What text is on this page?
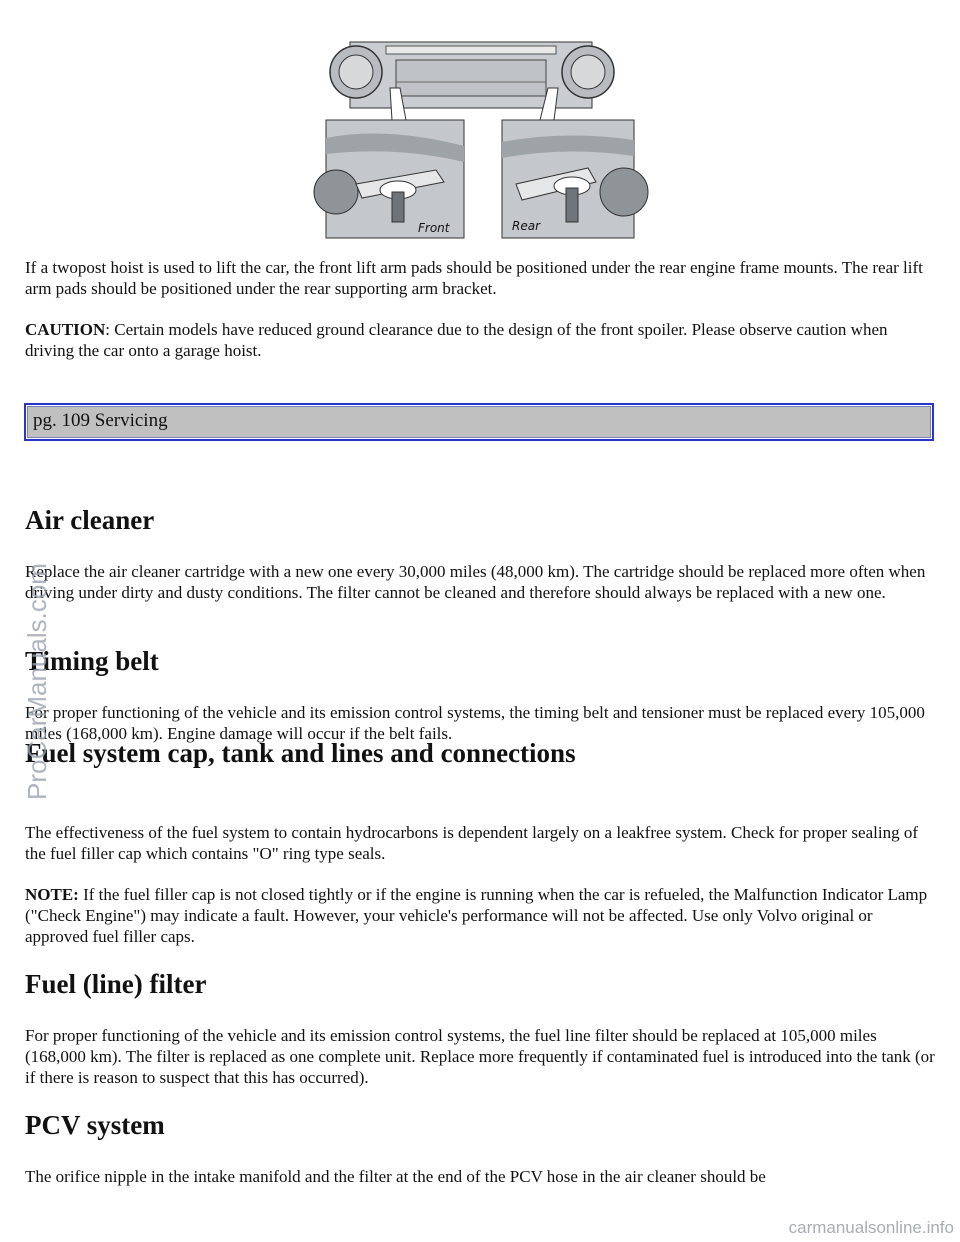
Front	Rear

If a twopost hoist is used to lift the car, the front lift arm pads should be positioned under the rear engine frame mounts. The rear lift arm pads should be positioned under the rear supporting arm bracket.

CAUTION: Certain models have reduced ground clearance due to the design of the front spoiler. Please observe caution when driving the car onto a garage hoist.

pg. 109 Servicing
Air cleaner

Replace the air cleaner cartridge with a new one every 30,000 miles (48,000 km). The cartridge should be replaced more often when driving under dirty and dusty conditions. The filter cannot be cleaned and therefore should always be replaced with a new one.

Timing belt

For proper functioning of the vehicle and its emission control systems, the timing belt and tensioner must be replaced every 105,000 miles (168,000 km). Engine damage will occur if the belt fails.

Fuel system cap, tank and lines and connections

The effectiveness of the fuel system to contain hydrocarbons is dependent largely on a leakfree system. Check for proper sealing of the fuel filler cap which contains "O" ring type seals.

NOTE: If the fuel filler cap is not closed tightly or if the engine is running when the car is refueled, the Malfunction Indicator Lamp ("Check Engine") may indicate a fault. However, your vehicle's performance will not be affected. Use only Volvo original or approved fuel filler caps.

Fuel (line) filter

For proper functioning of the vehicle and its emission control systems, the fuel line filter should be replaced at 105,000 miles (168,000 km). The filter is replaced as one complete unit. Replace more frequently if contaminated fuel is introduced into the tank (or if there is reason to suspect that this has occurred).

PCV system

The orifice nipple in the intake manifold and the filter at the end of the PCV hose in the air cleaner should be

ProCarManuals.com
carmanualsonline.info
